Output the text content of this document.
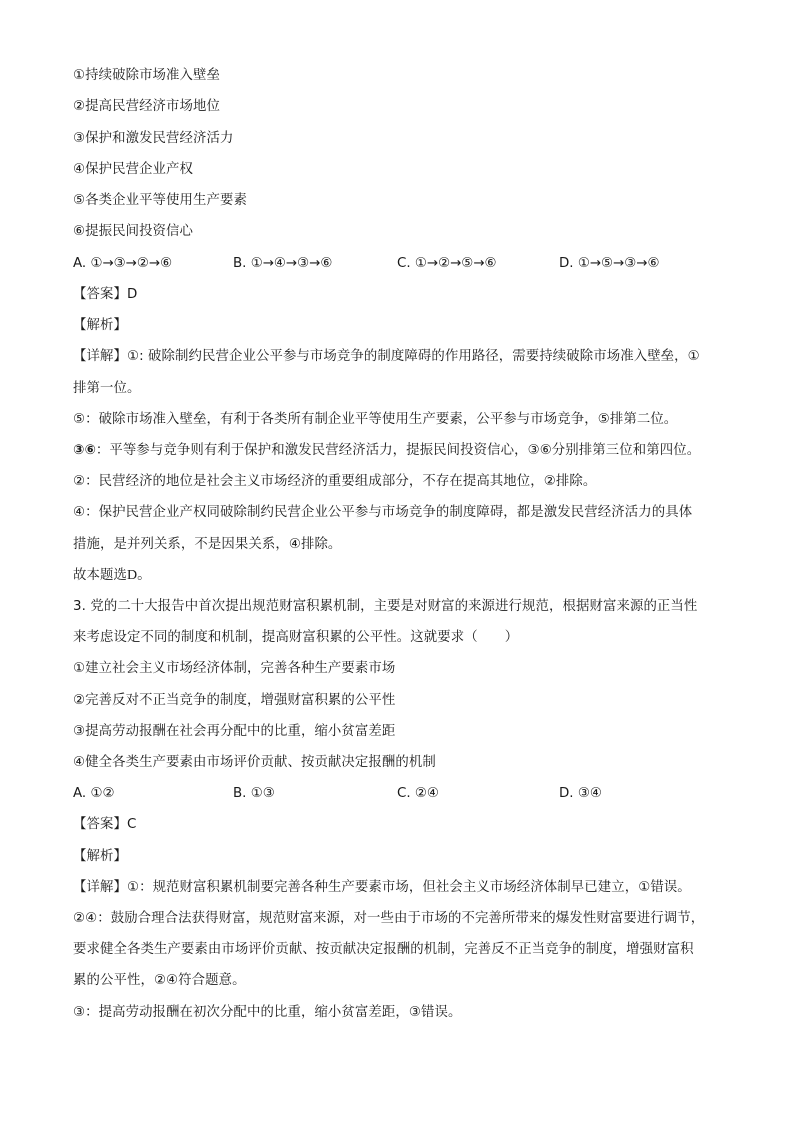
①持续破除市场准入壁垒
②提高民营经济市场地位
③保护和激发民营经济活力
④保护民营企业产权
⑤各类企业平等使用生产要素
⑥提振民间投资信心
A. ①→③→②→⑥	B. ①→④→③→⑥	C. ①→②→⑤→⑥	D. ①→⑤→③→⑥
【答案】D
【解析】
【详解】①: 破除制约民营企业公平参与市场竞争的制度障碍的作用路径，需要持续破除市场准入壁垒，①
排第一位。
⑤：破除市场准入壁垒，有利于各类所有制企业平等使用生产要素，公平参与市场竞争，⑤排第二位。
③⑥：平等参与竞争则有利于保护和激发民营经济活力，提振民间投资信心，③⑥分别排第三位和第四位。
②：民营经济的地位是社会主义市场经济的重要组成部分，不存在提高其地位，②排除。
④：保护民营企业产权同破除制约民营企业公平参与市场竞争的制度障碍，都是激发民营经济活力的具体
措施，是并列关系，不是因果关系，④排除。
故本题选D。
3. 党的二十大报告中首次提出规范财富积累机制，主要是对财富的来源进行规范，根据财富来源的正当性
来考虑设定不同的制度和机制，提高财富积累的公平性。这就要求（　　）
①建立社会主义市场经济体制，完善各种生产要素市场
②完善反对不正当竞争的制度，增强财富积累的公平性
③提高劳动报酬在社会再分配中的比重，缩小贫富差距
④健全各类生产要素由市场评价贡献、按贡献决定报酬的机制
A. ①②	B. ①③	C. ②④	D. ③④
【答案】C
【解析】
【详解】①：规范财富积累机制要完善各种生产要素市场，但社会主义市场经济体制早已建立，①错误。
②④：鼓励合理合法获得财富，规范财富来源，对一些由于市场的不完善所带来的爆发性财富要进行调节，
要求健全各类生产要素由市场评价贡献、按贡献决定报酬的机制，完善反不正当竞争的制度，增强财富积
累的公平性，②④符合题意。
③：提高劳动报酬在初次分配中的比重，缩小贫富差距，③错误。
